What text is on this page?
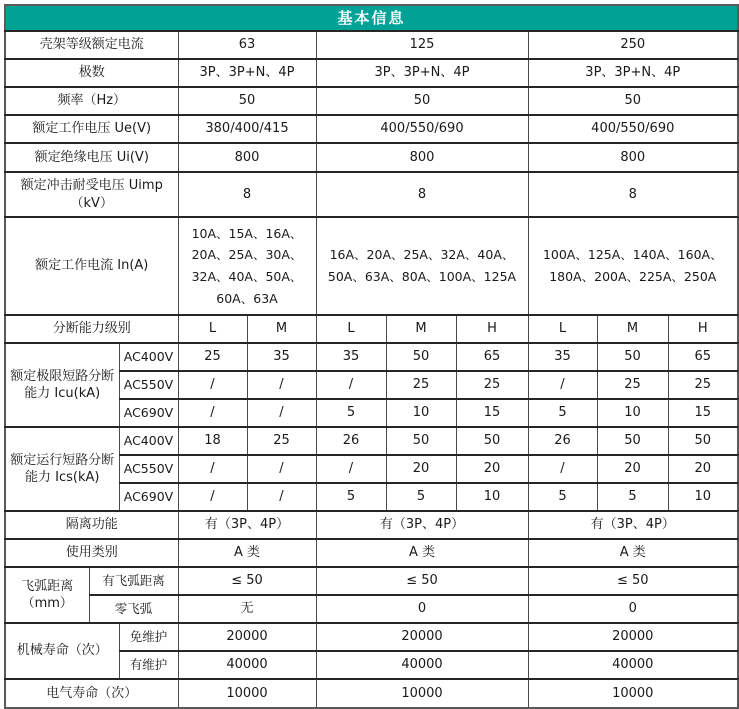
基本信息										
壳架等级额定电流			63		125			250		
极数			3P、3P+N、4P		3P、3P+N、4P			3P、3P+N、4P		
频率（Hz）			50		50			50		
额定工作电压 Ue(V)			380/400/415		400/550/690			400/550/690		
额定绝缘电压 Ui(V)			800		800			800		

额定冲击耐受电压 Uimp
（kV）			8		8			8		
额定工作电流 In(A)			10A、15A、16A、20A、25A、30A、32A、40A、50A、60A、63A		16A、20A、25A、32A、40A、50A、63A、80A、100A、125A			100A、125A、140A、160A、180A、200A、225A、250A		
分断能力级别			L	M	L	M	H	L	M	H
额定极限短路分断能力 Icu(kA)		AC400V	25	35	35	50	65	35	50	65
		AC550V	/	/	/	25	25	/	25	25
		AC690V	/	/	5	10	15	5	10	15
额定运行短路分断能力 Ics(kA)		AC400V	18	25	26	50	50	26	50	50
		AC550V	/	/	/	20	20	/	20	20
		AC690V	/	/	5	5	10	5	5	10
隔离功能			有（3P、4P）		有（3P、4P）			有（3P、4P）		
使用类别			A 类		A 类			A 类		
飞弧距离（mm）	有飞弧距离		≤ 50		≤ 50			≤ 50		
	零飞弧		无		0			0		
机械寿命（次）		免维护	20000		20000			20000		
		有维护	40000		40000			40000		
电气寿命（次）			10000		10000			10000		
